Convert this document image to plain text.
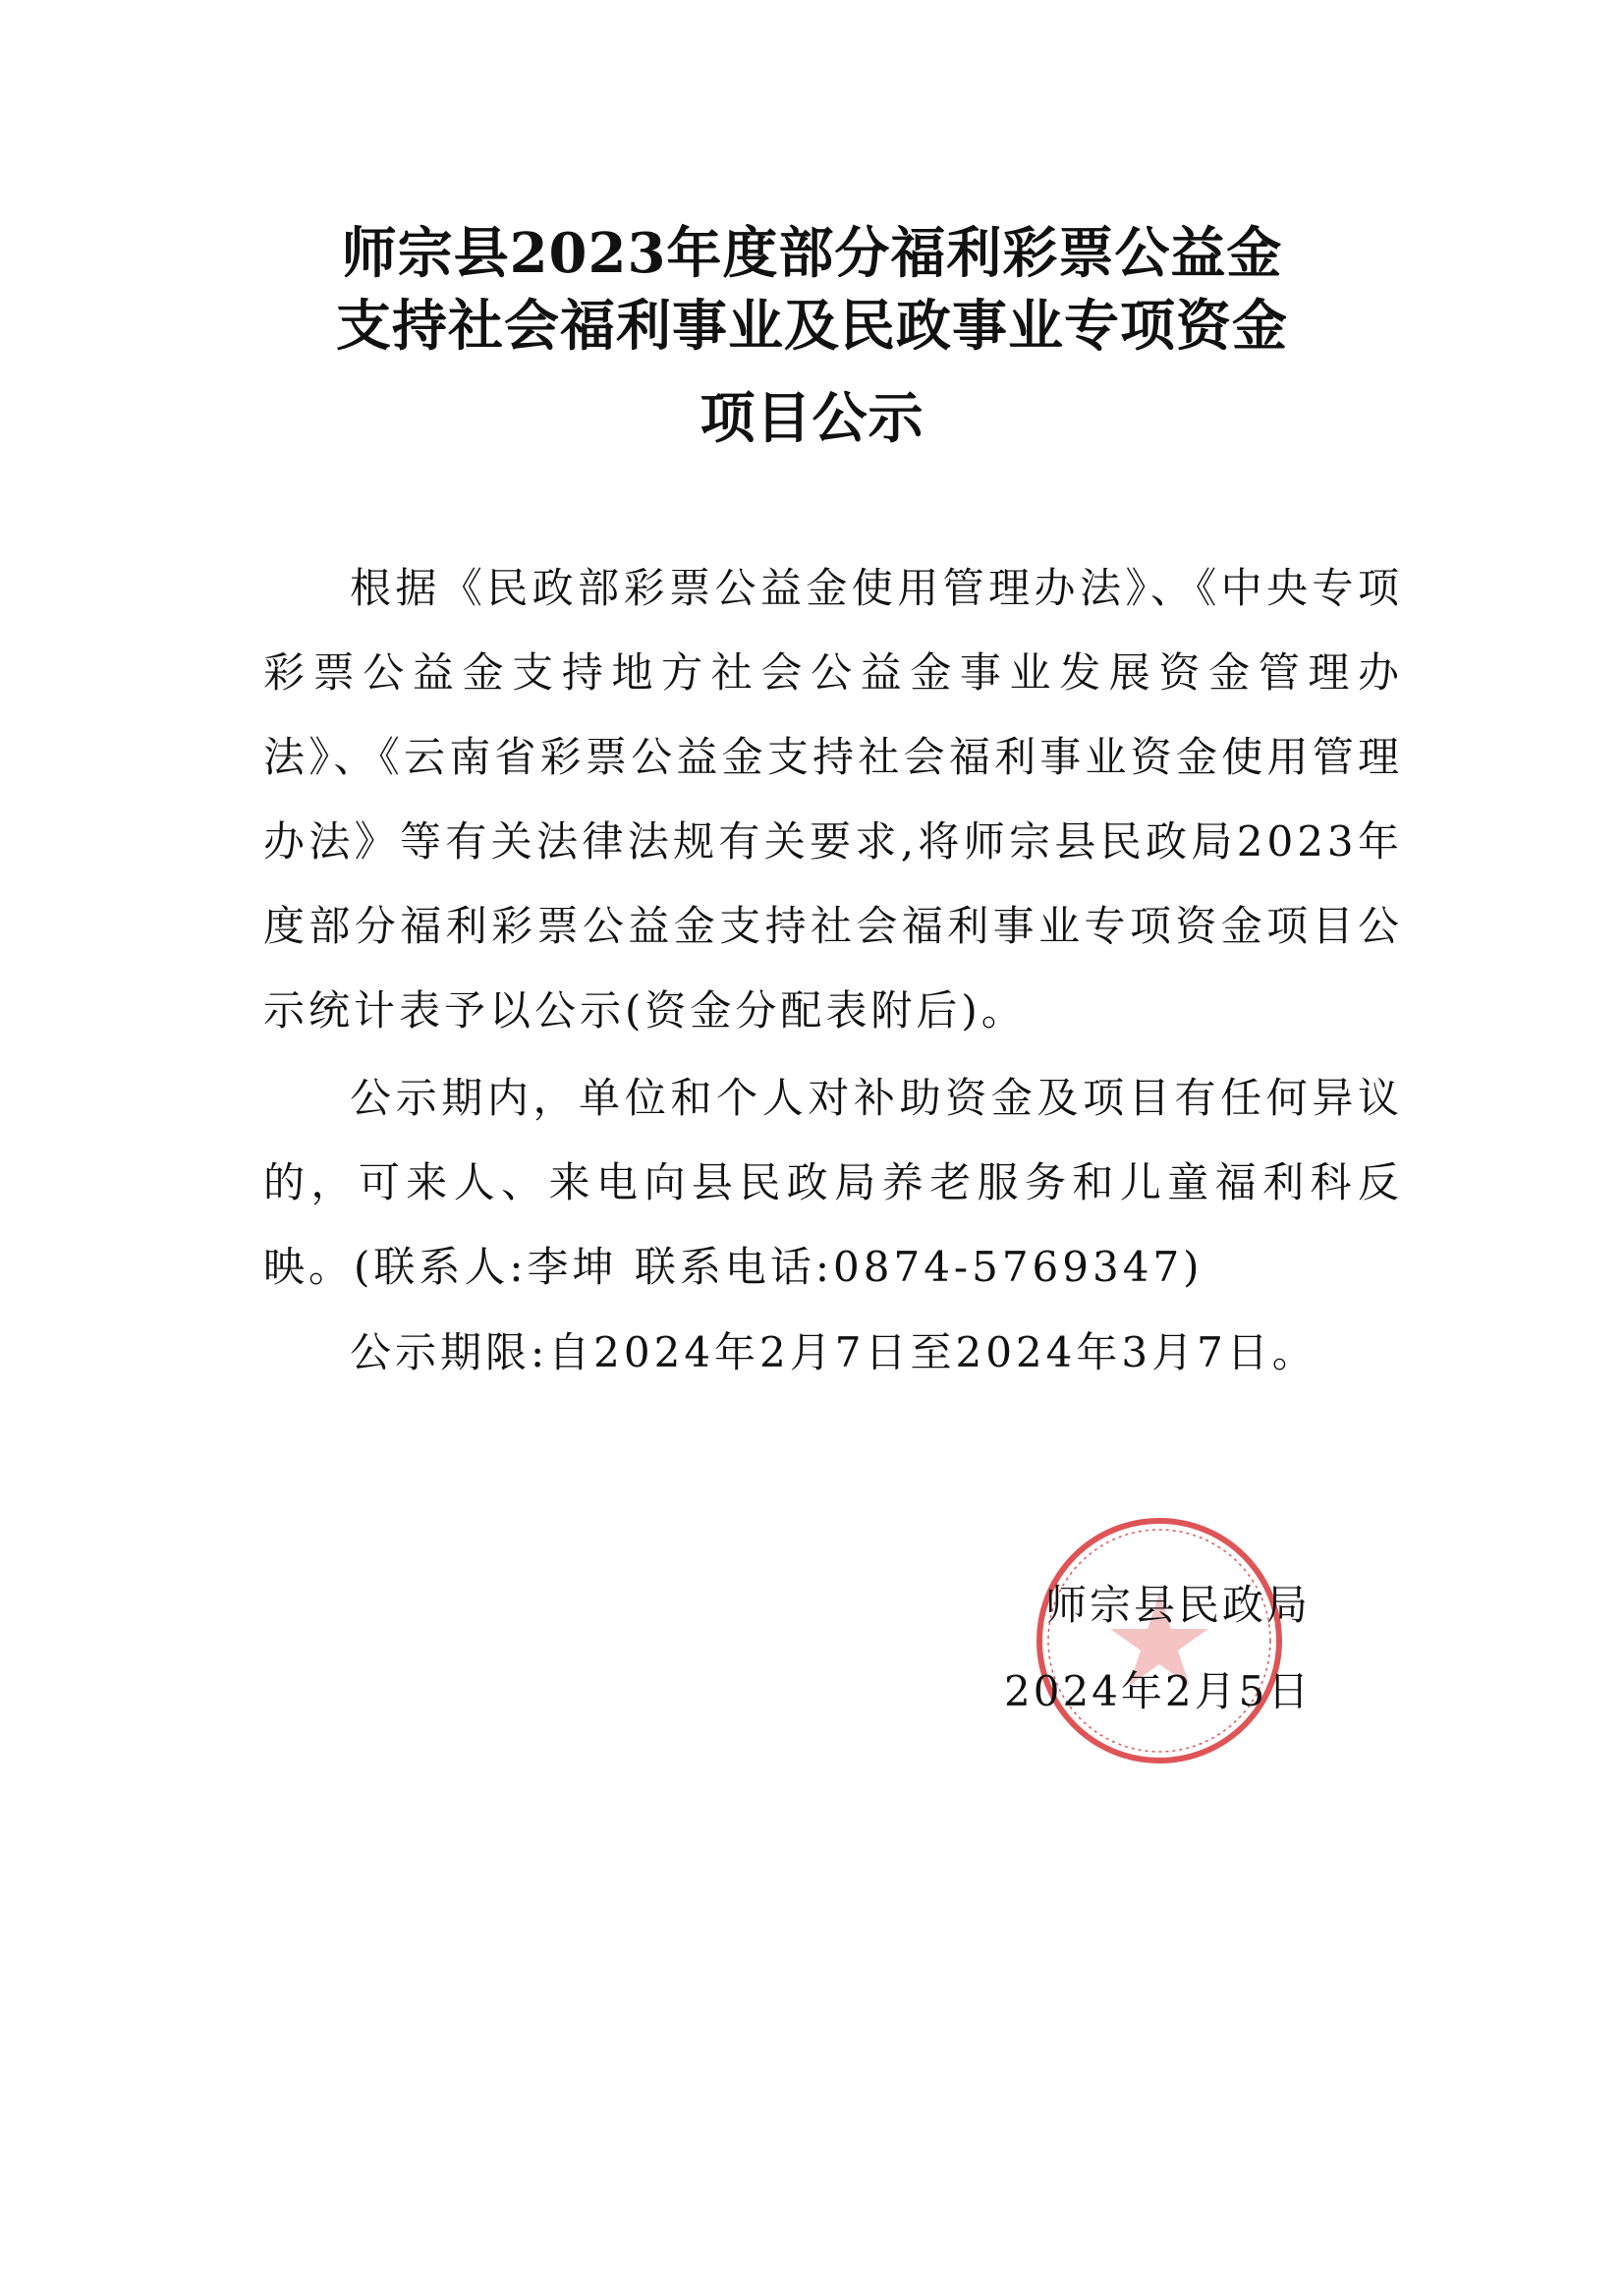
师宗县2023年度部分福利彩票公益金
支持社会福利事业及民政事业专项资金
项目公示

根据《民政部彩票公益金使用管理办法》、《中央专项彩票公益金支持地方社会公益金事业发展资金管理办法》、《云南省彩票公益金支持社会福利事业资金使用管理办法》等有关法律法规有关要求,将师宗县民政局2023年度部分福利彩票公益金支持社会福利事业专项资金项目公示统计表予以公示(资金分配表附后)。

公示期内，单位和个人对补助资金及项目有任何异议的，可来人、来电向县民政局养老服务和儿童福利科反映。(联系人:李坤 联系电话:0874-5769347)

公示期限:自2024年2月7日至2024年3月7日。

师宗县民政局
2024年2月5日
